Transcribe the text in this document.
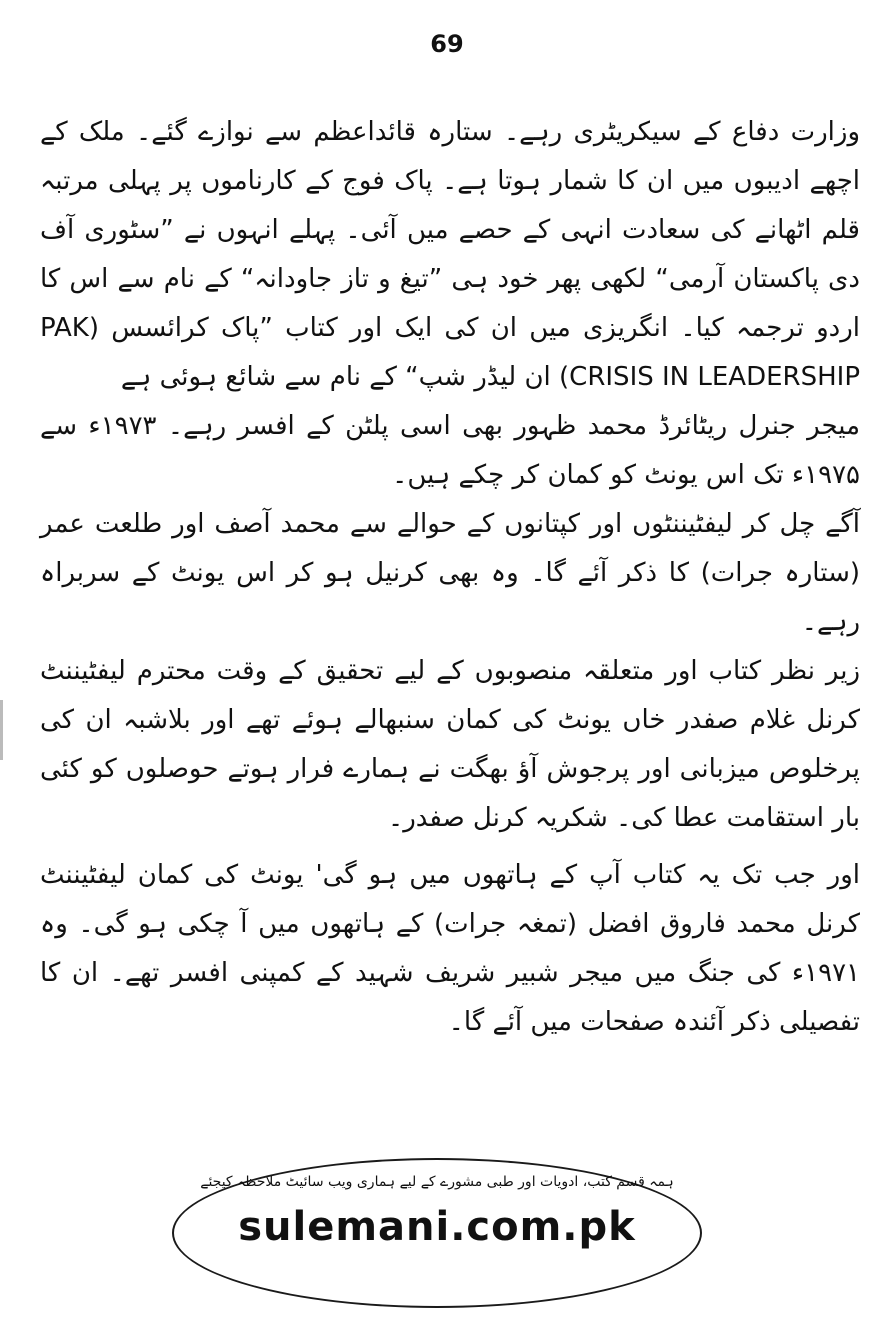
69

وزارت دفاع کے سیکریٹری رہے۔ ستارہ قائداعظم سے نوازے گئے۔ ملک کے اچھے ادیبوں میں ان کا شمار ہوتا ہے۔ پاک فوج کے کارناموں پر پہلی مرتبہ قلم اٹھانے کی سعادت انہی کے حصے میں آئی۔ پہلے انہوں نے ”سٹوری آف دی پاکستان آرمی“ لکھی پھر خود ہی ”تیغ و تاز جاودانہ“ کے نام سے اس کا اردو ترجمہ کیا۔ انگریزی میں ان کی ایک اور کتاب ”پاک کرائسس (PAK CRISIS IN LEADERSHIP) ان لیڈر شپ“ کے نام سے شائع ہوئی ہے

میجر جنرل ریٹائرڈ محمد ظہور بھی اسی پلٹن کے افسر رہے۔ ۱۹۷۳ء سے ۱۹۷۵ء تک اس یونٹ کو کمان کر چکے ہیں۔

آگے چل کر لیفٹیننٹوں اور کپتانوں کے حوالے سے محمد آصف اور طلعت عمر (ستارہ جرات) کا ذکر آئے گا۔ وہ بھی کرنیل ہو کر اس یونٹ کے سربراہ رہے۔

زیر نظر کتاب اور متعلقہ منصوبوں کے لیے تحقیق کے وقت محترم لیفٹیننٹ کرنل غلام صفدر خاں یونٹ کی کمان سنبھالے ہوئے تھے اور بلاشبہ ان کی پرخلوص میزبانی اور پرجوش آؤ بھگت نے ہمارے فرار ہوتے حوصلوں کو کئی بار استقامت عطا کی۔ شکریہ کرنل صفدر۔

اور جب تک یہ کتاب آپ کے ہاتھوں میں ہو گی' یونٹ کی کمان لیفٹیننٹ کرنل محمد فاروق افضل (تمغہ جرات) کے ہاتھوں میں آ چکی ہو گی۔ وہ ۱۹۷۱ء کی جنگ میں میجر شبیر شریف شہید کے کمپنی افسر تھے۔ ان کا تفصیلی ذکر آئندہ صفحات میں آئے گا۔

ہمہ قسم کتب، ادویات اور طبی مشورے کے لیے ہماری ویب سائیٹ ملاحظہ کیجئے
sulemani.com.pk
